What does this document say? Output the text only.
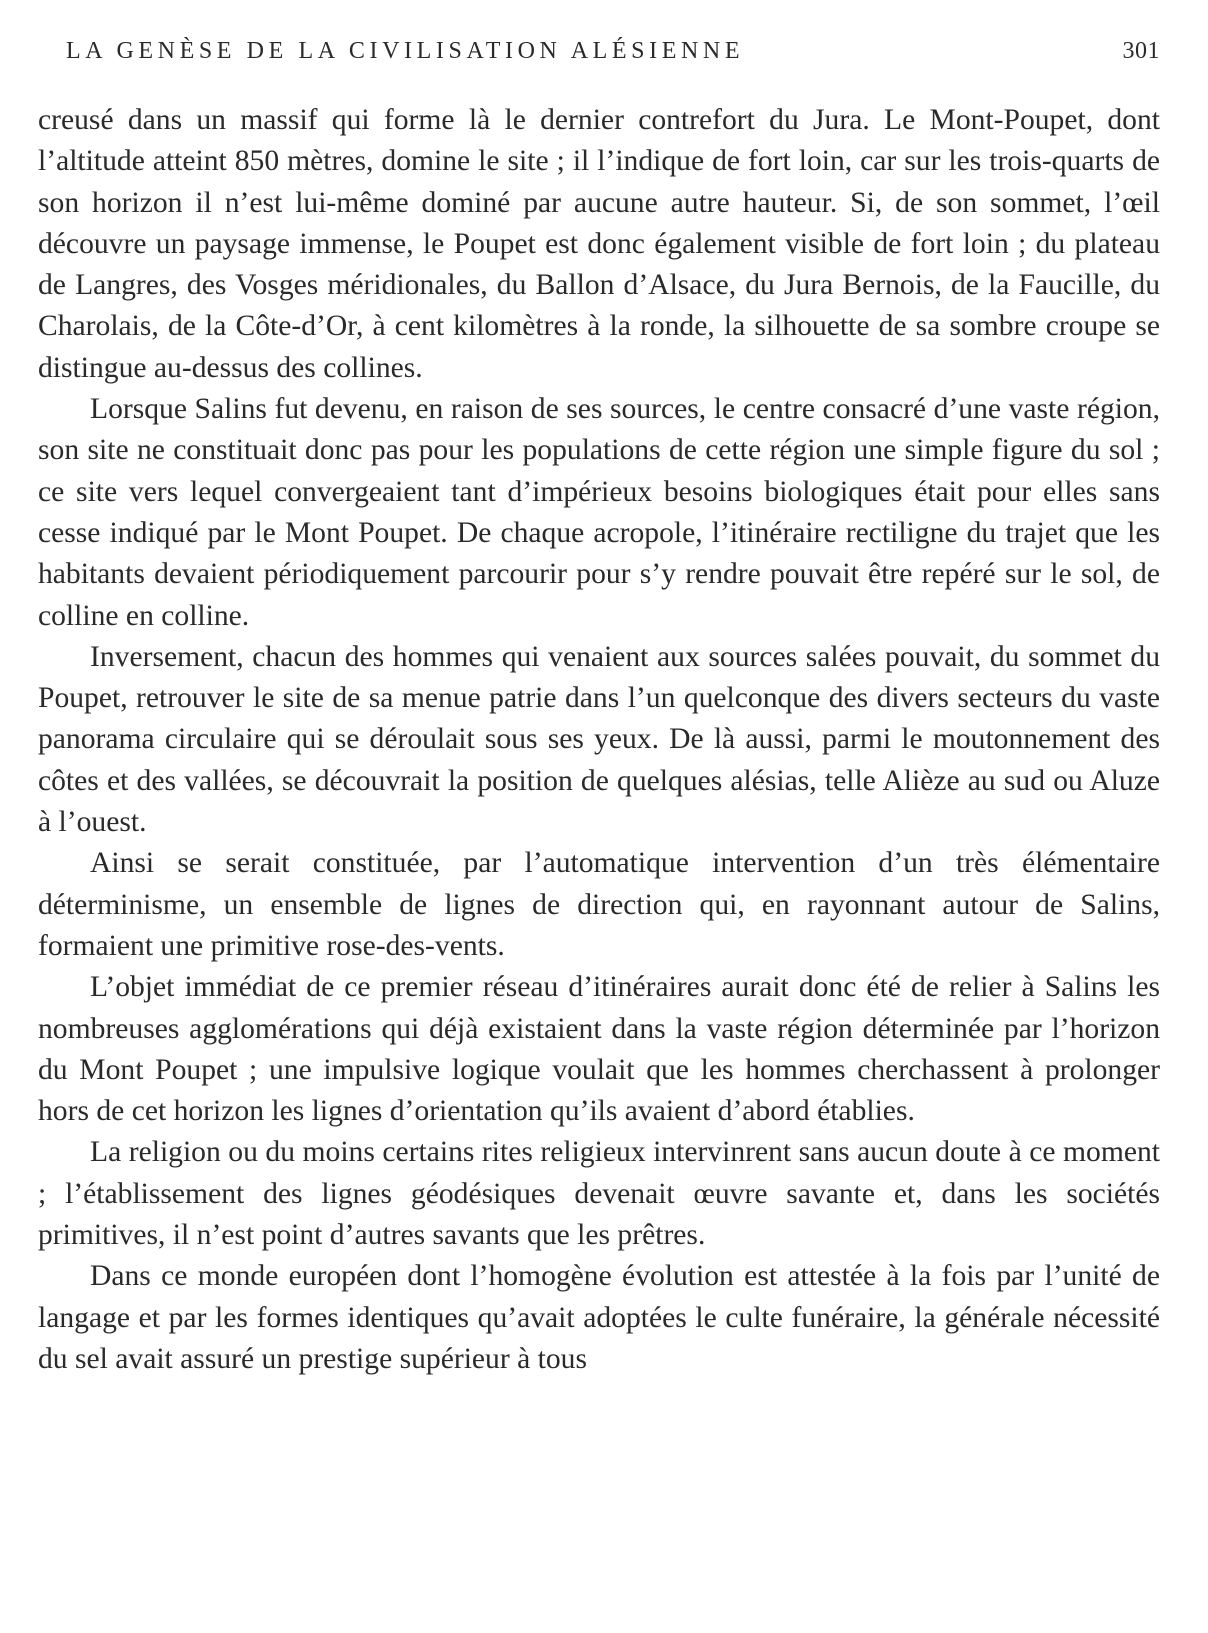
LA GENÈSE DE LA CIVILISATION ALÉSIENNE	301

creusé dans un massif qui forme là le dernier contrefort du Jura. Le Mont-Poupet, dont l’altitude atteint 850 mètres, domine le site ; il l’indique de fort loin, car sur les trois-quarts de son horizon il n’est lui-même dominé par aucune autre hauteur. Si, de son sommet, l’œil découvre un paysage immense, le Poupet est donc également visible de fort loin ; du plateau de Langres, des Vosges méridionales, du Ballon d’Alsace, du Jura Bernois, de la Faucille, du Charolais, de la Côte-d’Or, à cent kilomètres à la ronde, la silhouette de sa sombre croupe se distingue au-dessus des collines.

Lorsque Salins fut devenu, en raison de ses sources, le centre consacré d’une vaste région, son site ne constituait donc pas pour les populations de cette région une simple figure du sol ; ce site vers lequel convergeaient tant d’impérieux besoins biologiques était pour elles sans cesse indiqué par le Mont Poupet. De chaque acropole, l’itinéraire rectiligne du trajet que les habitants devaient périodiquement parcourir pour s’y rendre pouvait être repéré sur le sol, de colline en colline.

Inversement, chacun des hommes qui venaient aux sources salées pouvait, du sommet du Poupet, retrouver le site de sa menue patrie dans l’un quelconque des divers secteurs du vaste panorama circulaire qui se déroulait sous ses yeux. De là aussi, parmi le moutonnement des côtes et des vallées, se découvrait la position de quelques alésias, telle Alièze au sud ou Aluze à l’ouest.

Ainsi se serait constituée, par l’automatique intervention d’un très élémentaire déterminisme, un ensemble de lignes de direction qui, en rayonnant autour de Salins, formaient une primitive rose-des-vents.

L’objet immédiat de ce premier réseau d’itinéraires aurait donc été de relier à Salins les nombreuses agglomérations qui déjà existaient dans la vaste région déterminée par l’horizon du Mont Poupet ; une impulsive logique voulait que les hommes cherchassent à prolonger hors de cet horizon les lignes d’orientation qu’ils avaient d’abord établies.

La religion ou du moins certains rites religieux intervinrent sans aucun doute à ce moment ; l’établissement des lignes géodésiques devenait œuvre savante et, dans les sociétés primitives, il n’est point d’autres savants que les prêtres.

Dans ce monde européen dont l’homogène évolution est attestée à la fois par l’unité de langage et par les formes identiques qu’avait adoptées le culte funéraire, la générale nécessité du sel avait assuré un prestige supérieur à tous
